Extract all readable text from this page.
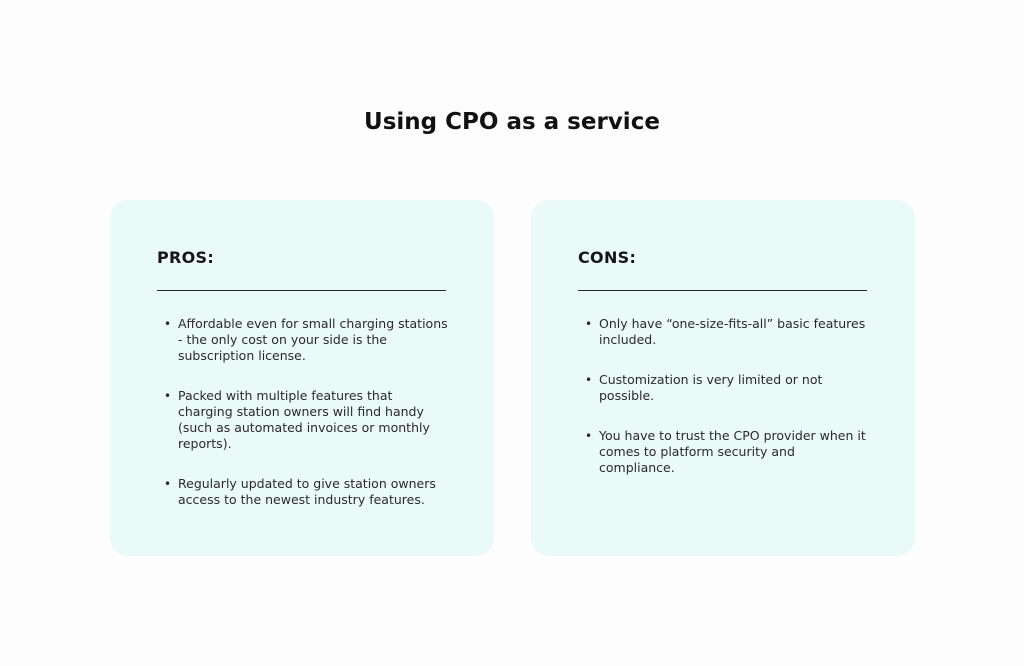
Using CPO as a service
PROS:
• Affordable even for small charging stations - the only cost on your side is the subscription license.
• Packed with multiple features that charging station owners will find handy (such as automated invoices or monthly reports).
• Regularly updated to give station owners access to the newest industry features.
CONS:
• Only have “one-size-fits-all” basic features included.
• Customization is very limited or not possible.
• You have to trust the CPO provider when it comes to platform security and compliance.
